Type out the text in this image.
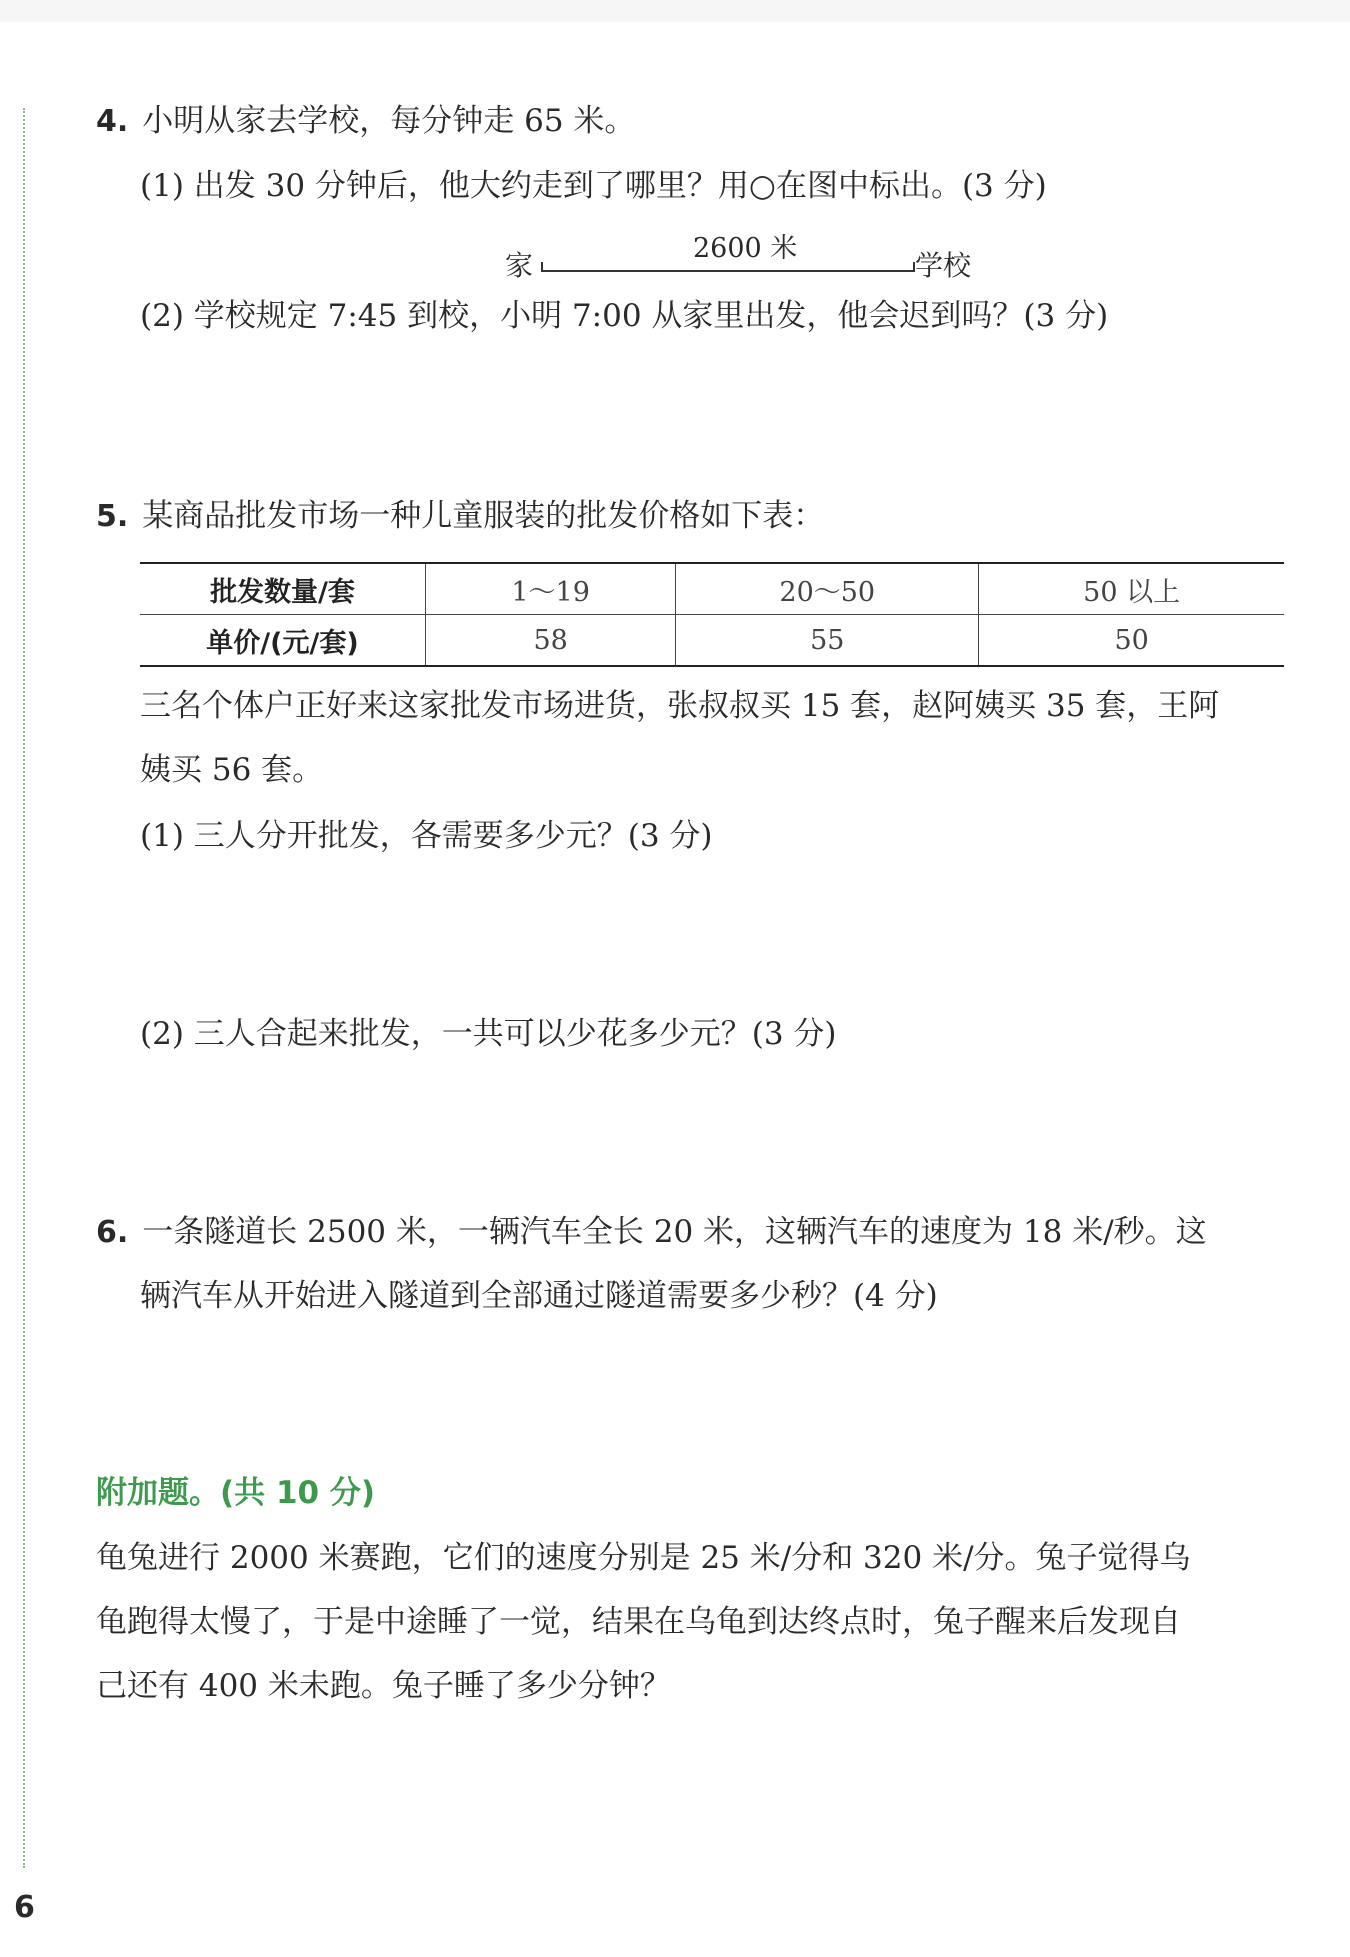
4. 小明从家去学校，每分钟走 65 米。
(1) 出发 30 分钟后，他大约走到了哪里？用○在图中标出。(3 分)
家
2600 米
学校
(2) 学校规定 7:45 到校，小明 7:00 从家里出发，他会迟到吗？(3 分)
5. 某商品批发市场一种儿童服装的批发价格如下表：
批发数量/套	1～19	20～50	50 以上
单价/(元/套)	58	55	50
三名个体户正好来这家批发市场进货，张叔叔买 15 套，赵阿姨买 35 套，王阿
姨买 56 套。
(1) 三人分开批发，各需要多少元？(3 分)
(2) 三人合起来批发，一共可以少花多少元？(3 分)
6. 一条隧道长 2500 米，一辆汽车全长 20 米，这辆汽车的速度为 18 米/秒。这
辆汽车从开始进入隧道到全部通过隧道需要多少秒？(4 分)
附加题。(共 10 分)
龟兔进行 2000 米赛跑，它们的速度分别是 25 米/分和 320 米/分。兔子觉得乌
龟跑得太慢了，于是中途睡了一觉，结果在乌龟到达终点时，兔子醒来后发现自
己还有 400 米未跑。兔子睡了多少分钟？
6
